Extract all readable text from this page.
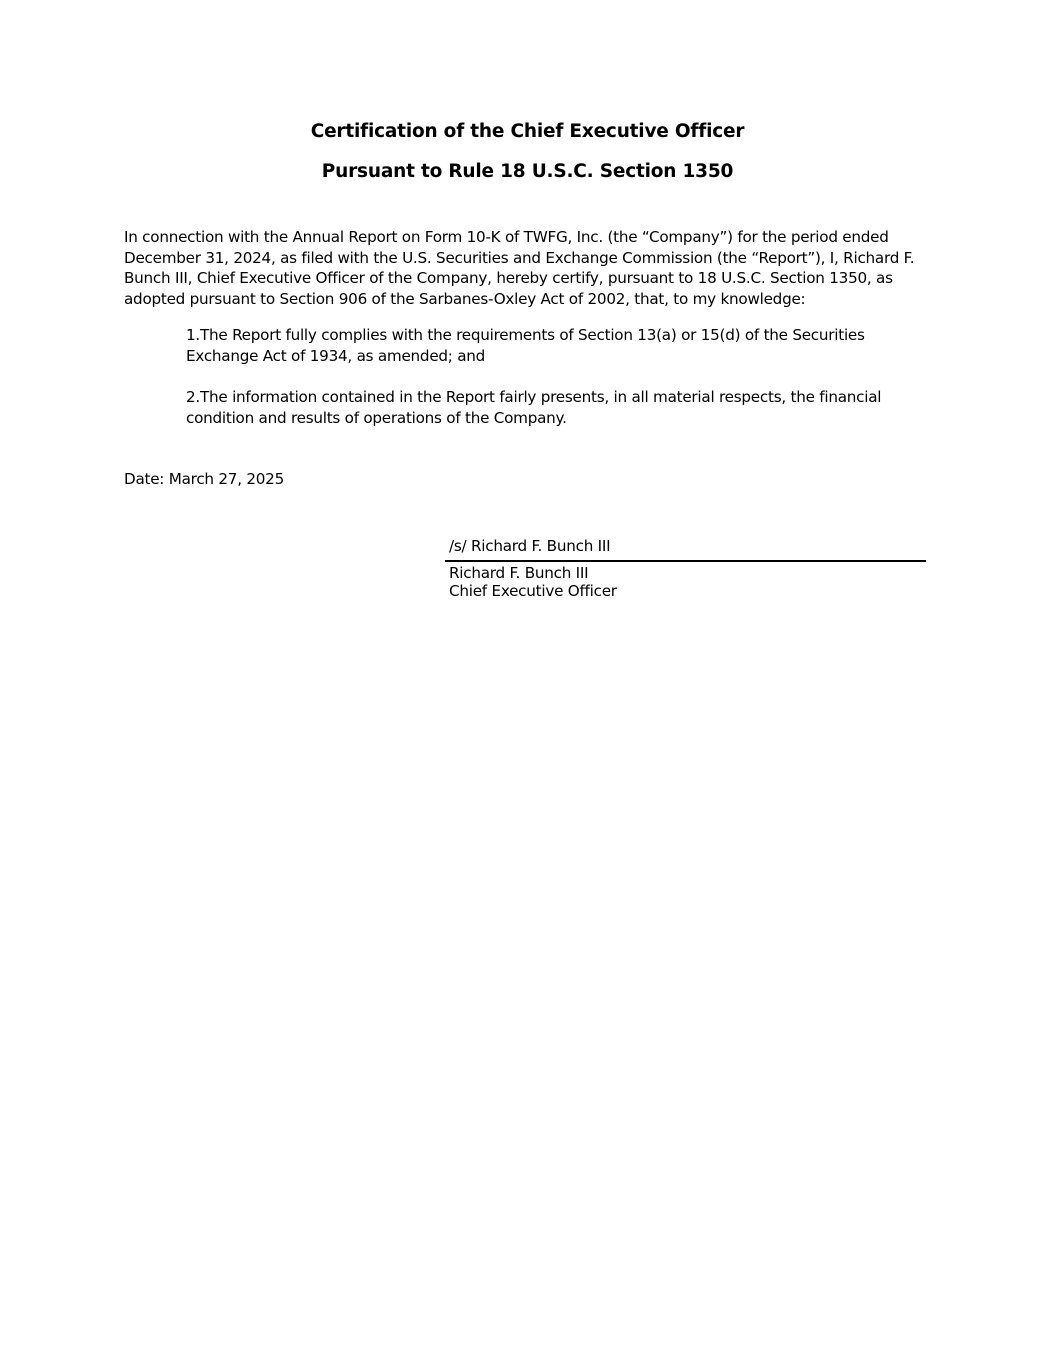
Certification of the Chief Executive Officer
Pursuant to Rule 18 U.S.C. Section 1350
In connection with the Annual Report on Form 10-K of TWFG, Inc. (the “Company”) for the period ended December 31, 2024, as filed with the U.S. Securities and Exchange Commission (the “Report”), I, Richard F. Bunch III, Chief Executive Officer of the Company, hereby certify, pursuant to 18 U.S.C. Section 1350, as adopted pursuant to Section 906 of the Sarbanes-Oxley Act of 2002, that, to my knowledge:
1.The Report fully complies with the requirements of Section 13(a) or 15(d) of the Securities Exchange Act of 1934, as amended; and
2.The information contained in the Report fairly presents, in all material respects, the financial condition and results of operations of the Company.
Date: March 27, 2025
/s/ Richard F. Bunch III
Richard F. Bunch III
Chief Executive Officer
